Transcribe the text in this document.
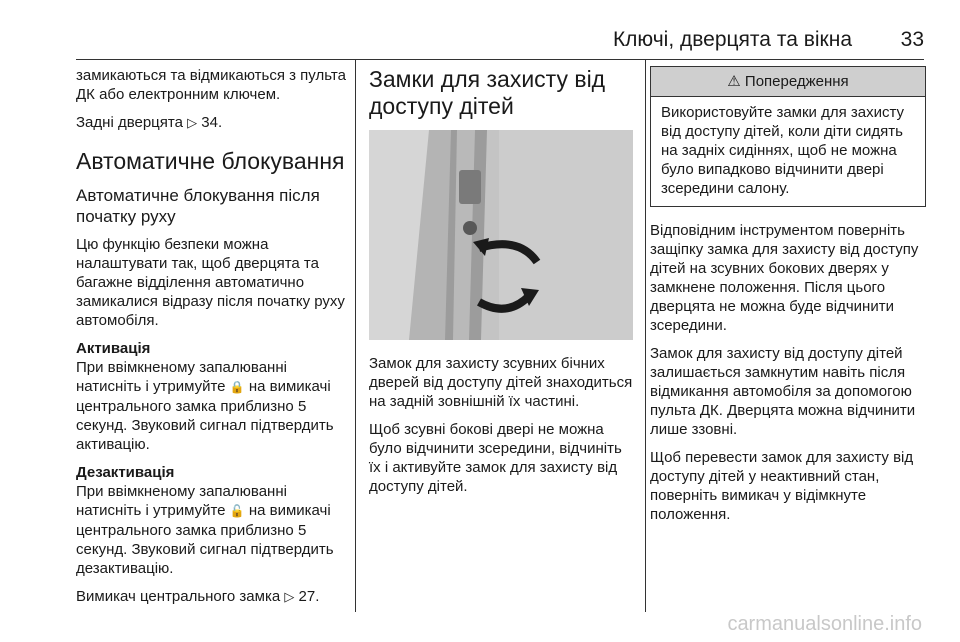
Ключі, дверцята та вікна 33

замикаються та відмикаються з пульта ДК або електронним ключем.

Задні дверцята ▷ 34.

Автоматичне блокування
Автоматичне блокування після початку руху

Цю функцію безпеки можна налаштувати так, щоб дверцята та багажне відділення автоматично замикалися відразу після початку руху автомобіля.

Активація

При ввімкненому запалюванні натисніть і утримуйте 🔒 на вимикачі центрального замка приблизно 5 секунд. Звуковий сигнал підтвердить активацію.

Дезактивація

При ввімкненому запалюванні натисніть і утримуйте 🔓 на вимикачі центрального замка приблизно 5 секунд. Звуковий сигнал підтвердить дезактивацію.

Вимикач центрального замка ▷ 27.

Замки для захисту від доступу дітей

Замок для захисту зсувних бічних дверей від доступу дітей знаходиться на задній зовнішній їх частині.

Щоб зсувні бокові двері не можна було відчинити зсередини, відчиніть їх і активуйте замок для захисту від доступу дітей.

⚠ Попередження
Використовуйте замки для захисту від доступу дітей, коли діти сидять на задніх сидіннях, щоб не можна було випадково відчинити двері зсередини салону.

Відповідним інструментом поверніть защіпку замка для захисту від доступу дітей на зсувних бокових дверях у замкнене положення. Після цього дверцята не можна буде відчинити зсередини.

Замок для захисту від доступу дітей залишається замкнутим навіть після відмикання автомобіля за допомогою пульта ДК. Дверцята можна відчинити лише ззовні.

Щоб перевести замок для захисту від доступу дітей у неактивний стан, поверніть вимикач у відімкнуте положення.

carmanualsonline.info
